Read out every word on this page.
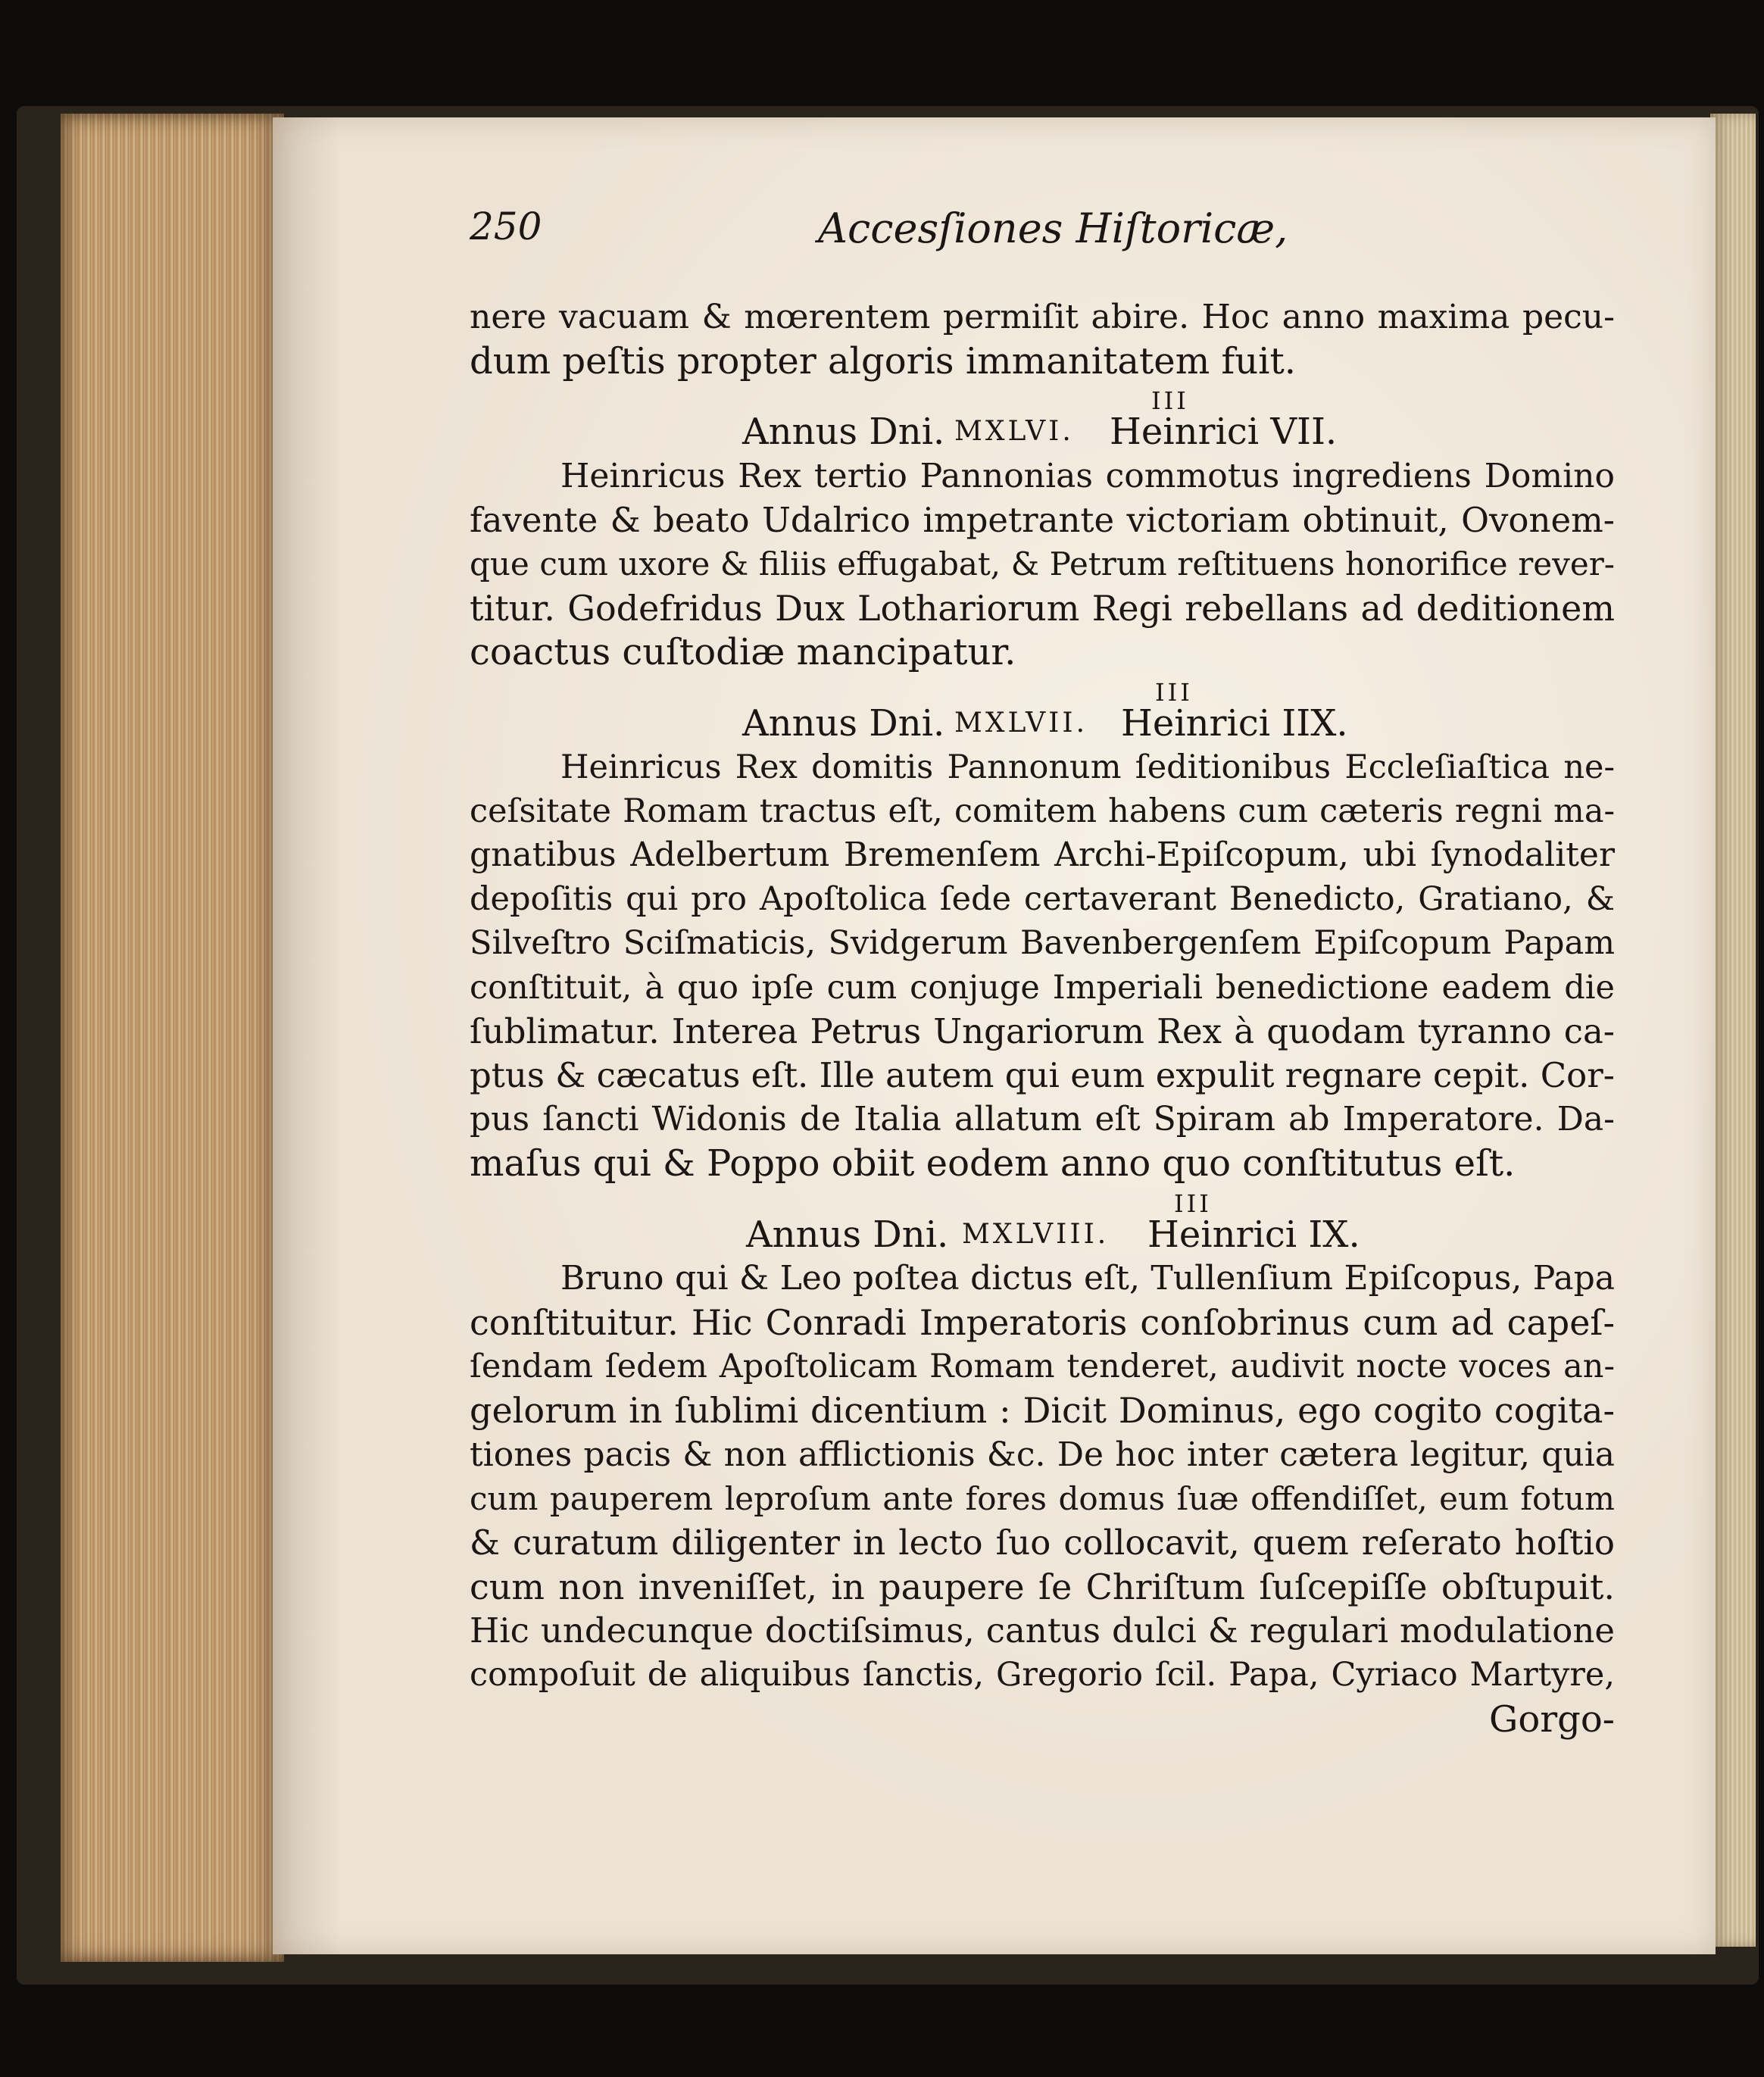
250	Accesſiones Hiſtoricæ,
nere vacuam & mœrentem permiſit abire. Hoc anno maxima pecu-
dum peſtis propter algoris immanitatem fuit.
III
Annus Dni. MXLVI. Heinrici VII.
Heinricus Rex tertio Pannonias commotus ingrediens Domino
favente & beato Udalrico impetrante victoriam obtinuit, Ovonem-
que cum uxore & filiis effugabat, & Petrum reſtituens honorifice rever-
titur. Godefridus Dux Lothariorum Regi rebellans ad deditionem
coactus cuſtodiæ mancipatur.
III
Annus Dni. MXLVII. Heinrici IIX.
Heinricus Rex domitis Pannonum ſeditionibus Eccleſiaſtica ne-
ceſsitate Romam tractus eſt, comitem habens cum cæteris regni ma-
gnatibus Adelbertum Bremenſem Archi-Epiſcopum, ubi ſynodaliter
depoſitis qui pro Apoſtolica ſede certaverant Benedicto, Gratiano, &
Silveſtro Sciſmaticis, Svidgerum Bavenbergenſem Epiſcopum Papam
conſtituit, à quo ipſe cum conjuge Imperiali benedictione eadem die
ſublimatur. Interea Petrus Ungariorum Rex à quodam tyranno ca-
ptus & cæcatus eſt. Ille autem qui eum expulit regnare cepit. Cor-
pus ſancti Widonis de Italia allatum eſt Spiram ab Imperatore. Da-
maſus qui & Poppo obiit eodem anno quo conſtitutus eſt.
III
Annus Dni. MXLVIII. Heinrici IX.
Bruno qui & Leo poſtea dictus eſt, Tullenſium Epiſcopus, Papa
conſtituitur. Hic Conradi Imperatoris conſobrinus cum ad capeſ-
ſendam ſedem Apoſtolicam Romam tenderet, audivit nocte voces an-
gelorum in ſublimi dicentium : Dicit Dominus, ego cogito cogita-
tiones pacis & non afflictionis &c. De hoc inter cætera legitur, quia
cum pauperem leproſum ante fores domus ſuæ offendiſſet, eum fotum
& curatum diligenter in lecto ſuo collocavit, quem reſerato hoſtio
cum non inveniſſet, in paupere ſe Chriſtum ſuſcepiſſe obſtupuit.
Hic undecunque doctiſsimus, cantus dulci & regulari modulatione
compoſuit de aliquibus ſanctis, Gregorio ſcil. Papa, Cyriaco Martyre,
Gorgo-
